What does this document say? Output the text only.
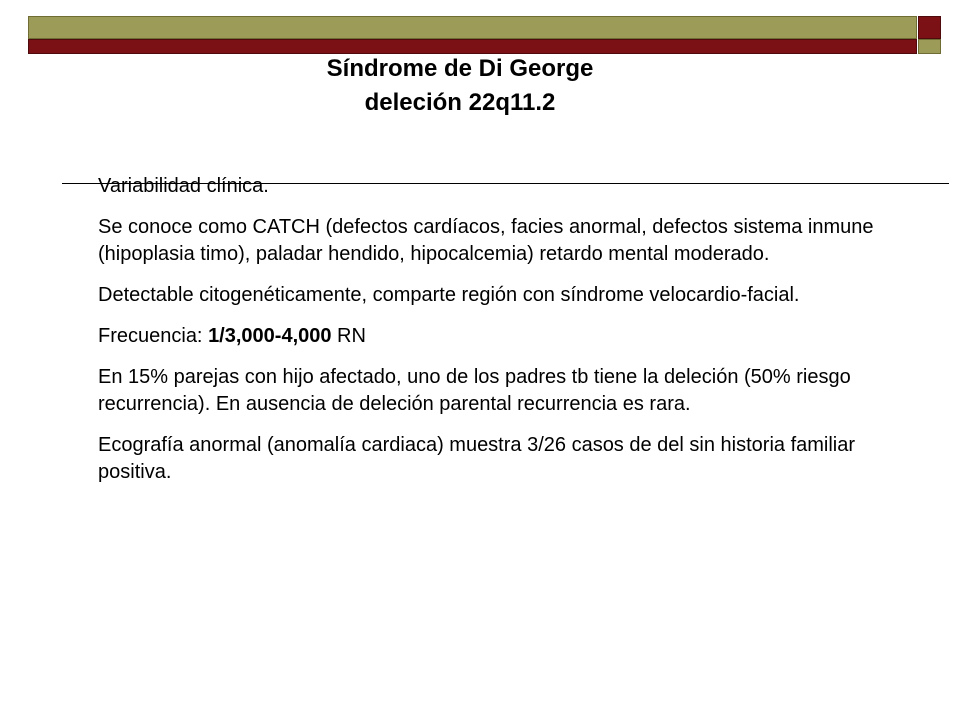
Síndrome de Di George
deleción 22q11.2

Variabilidad clínica.

Se conoce como CATCH (defectos cardíacos, facies anormal, defectos sistema inmune (hipoplasia timo), paladar hendido, hipocalcemia) retardo mental moderado.

Detectable citogenéticamente, comparte región con síndrome velocardio-facial.

Frecuencia: 1/3,000-4,000 RN

En 15% parejas con hijo afectado, uno de los padres tb tiene la deleción (50% riesgo recurrencia). En ausencia de deleción parental recurrencia es rara.

Ecografía anormal (anomalía cardiaca) muestra 3/26 casos de del sin historia familiar positiva.
